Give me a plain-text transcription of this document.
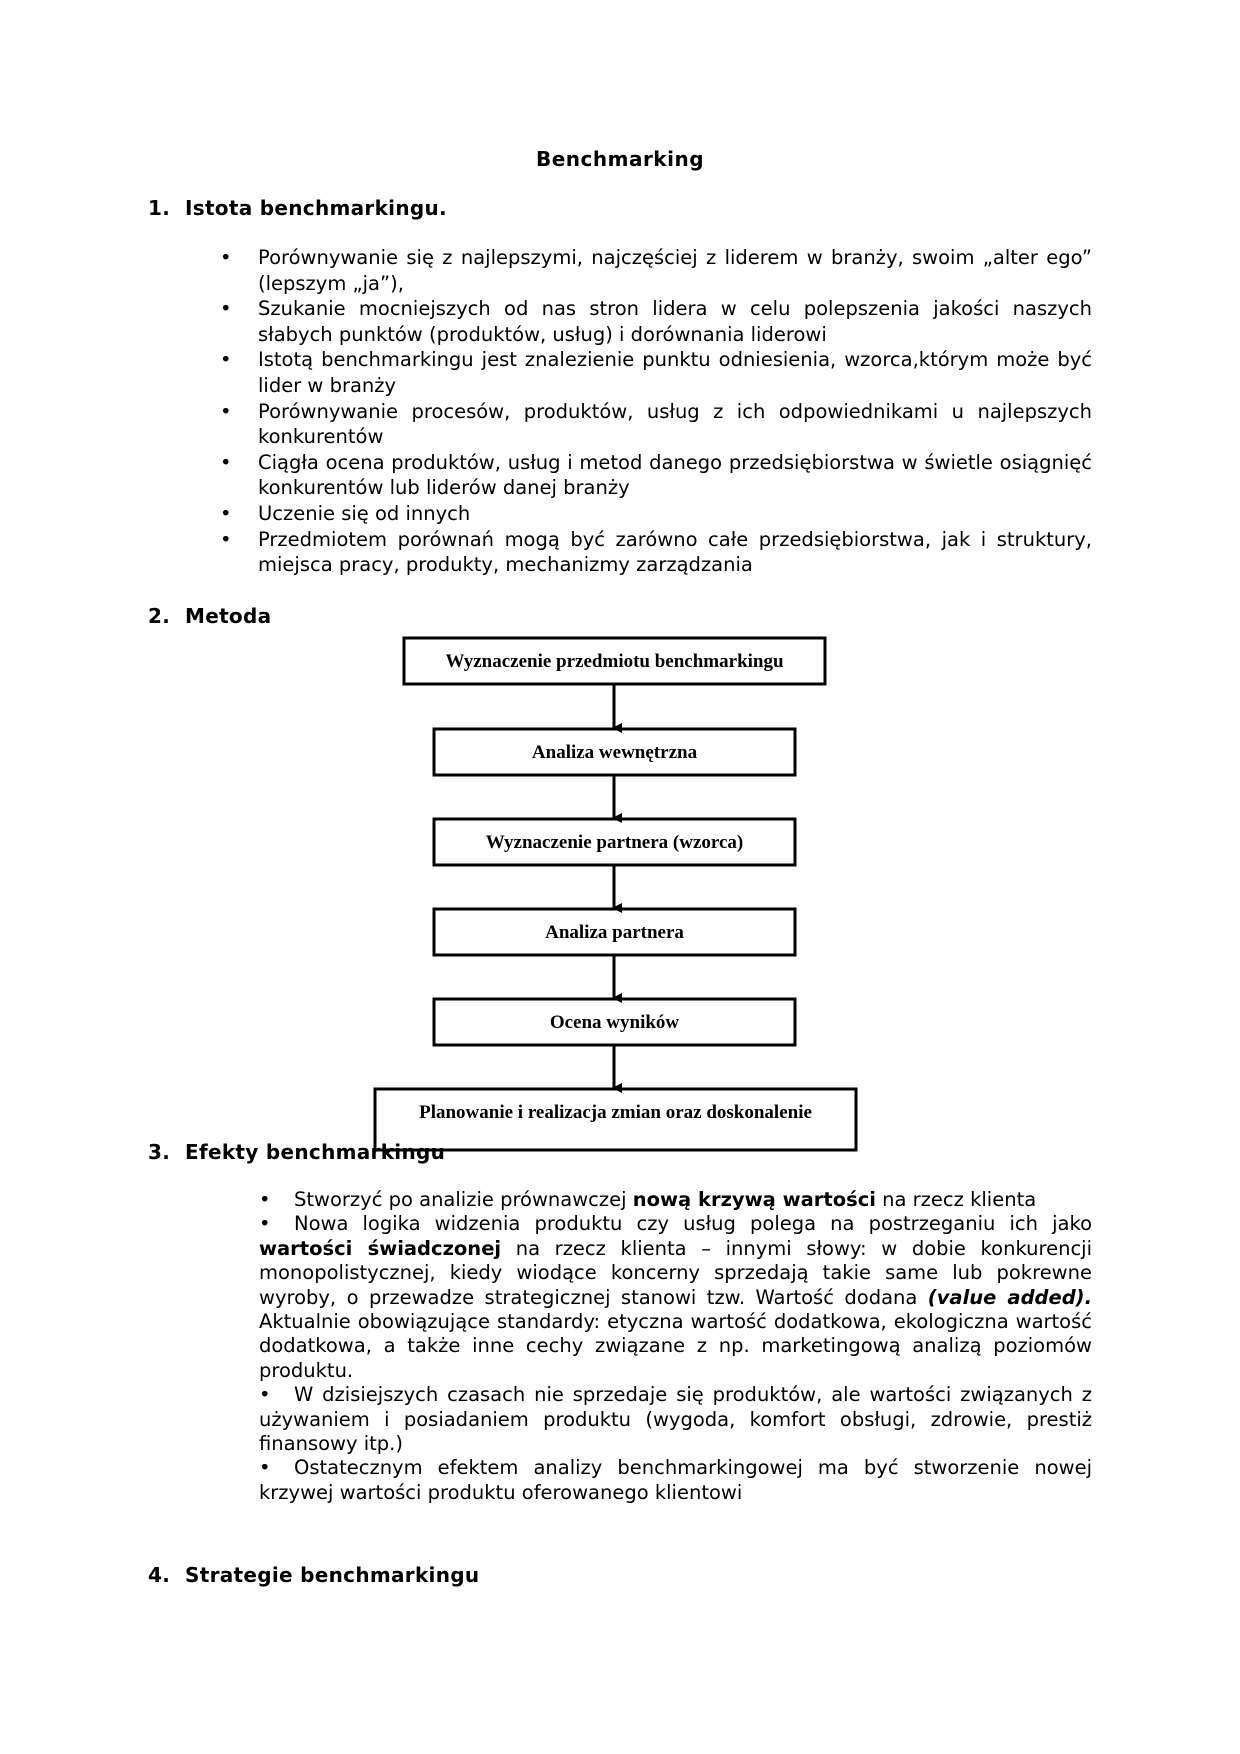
Benchmarking
1. Istota benchmarkingu.
• Porównywanie się z najlepszymi, najczęściej z liderem w branży, swoim „alter ego” (lepszym „ja”),
• Szukanie mocniejszych od nas stron lidera w celu polepszenia jakości naszych słabych punktów (produktów, usług) i dorównania liderowi
• Istotą benchmarkingu jest znalezienie punktu odniesienia, wzorca,którym może być lider w branży
• Porównywanie procesów, produktów, usług z ich odpowiednikami u najlepszych konkurentów
• Ciągła ocena produktów, usług i metod danego przedsiębiorstwa w świetle osiągnięć konkurentów lub liderów danej branży
• Uczenie się od innych
• Przedmiotem porównań mogą być zarówno całe przedsiębiorstwa, jak i struktury, miejsca pracy, produkty, mechanizmy zarządzania
2. Metoda
Wyznaczenie przedmiotu benchmarkingu
Analiza wewnętrzna
Wyznaczenie partnera (wzorca)
Analiza partnera
Ocena wyników
Planowanie i realizacja zmian oraz doskonalenie
3. Efekty benchmarkingu

• Stworzyć po analizie prównawczej nową krzywą wartości na rzecz klienta

• Nowa logika widzenia produktu czy usług polega na postrzeganiu ich jako wartości świadczonej na rzecz klienta – innymi słowy: w dobie konkurencji monopolistycznej, kiedy wiodące koncerny sprzedają takie same lub pokrewne wyroby, o przewadze strategicznej stanowi tzw. Wartość dodana (value added). Aktualnie obowiązujące standardy: etyczna wartość dodatkowa, ekologiczna wartość dodatkowa, a także inne cechy związane z np. marketingową analizą poziomów produktu.

• W dzisiejszych czasach nie sprzedaje się produktów, ale wartości związanych z używaniem i posiadaniem produktu (wygoda, komfort obsługi, zdrowie, prestiż finansowy itp.)

• Ostatecznym efektem analizy benchmarkingowej ma być stworzenie nowej krzywej wartości produktu oferowanego klientowi

4. Strategie benchmarkingu
